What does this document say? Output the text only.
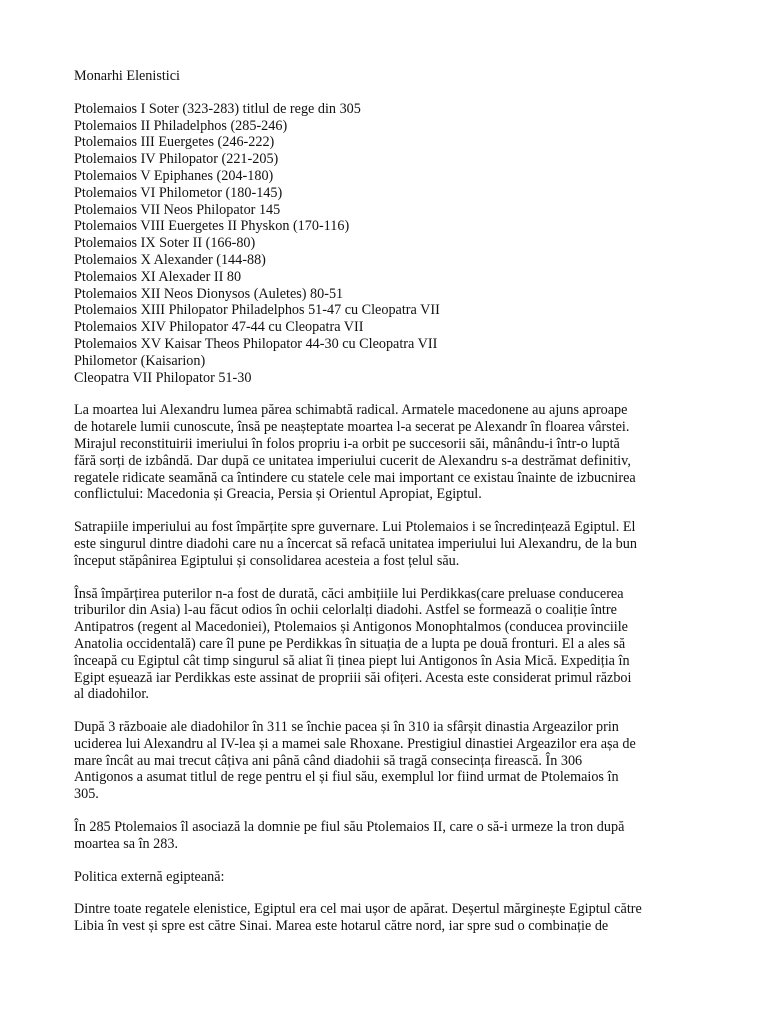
Monarhi Elenistici
Ptolemaios I Soter (323-283) titlul de rege din 305
Ptolemaios II Philadelphos (285-246)
Ptolemaios III Euergetes (246-222)
Ptolemaios IV Philopator (221-205)
Ptolemaios V Epiphanes (204-180)
Ptolemaios VI Philometor (180-145)
Ptolemaios VII Neos Philopator 145
Ptolemaios VIII Euergetes II Physkon (170-116)
Ptolemaios IX Soter II (166-80)
Ptolemaios X Alexander (144-88)
Ptolemaios XI Alexader II 80
Ptolemaios XII Neos Dionysos (Auletes) 80-51
Ptolemaios XIII Philopator Philadelphos 51-47 cu Cleopatra VII
Ptolemaios XIV Philopator 47-44 cu Cleopatra VII
Ptolemaios XV Kaisar Theos Philopator 44-30 cu Cleopatra VII
Philometor (Kaisarion)
Cleopatra VII Philopator 51-30
La moartea lui Alexandru lumea părea schimabtă radical. Armatele macedonene au ajuns aproape
de hotarele lumii cunoscute, însă pe neașteptate moartea l-a secerat pe Alexandr în floarea vârstei.
Mirajul reconstituirii imeriului în folos propriu i-a orbit pe succesorii săi, mânându-i într-o luptă
fără sorți de izbândă. Dar după ce unitatea imperiului cucerit de Alexandru s-a destrămat definitiv,
regatele ridicate seamănă ca întindere cu statele cele mai important ce existau înainte de izbucnirea
conflictului: Macedonia și Greacia, Persia și Orientul Apropiat, Egiptul.
Satrapiile imperiului au fost împărțite spre guvernare. Lui Ptolemaios i se încredințează Egiptul. El
este singurul dintre diadohi care nu a încercat să refacă unitatea imperiului lui Alexandru, de la bun
început stăpânirea Egiptului și consolidarea acesteia a fost țelul său.
Însă împărțirea puterilor n-a fost de durată, căci ambițiile lui Perdikkas(care preluase conducerea
triburilor din Asia) l-au făcut odios în ochii celorlalți diadohi. Astfel se formează o coaliție între
Antipatros (regent al Macedoniei), Ptolemaios și Antigonos Monophtalmos (conducea provinciile
Anatolia occidentală) care îl pune pe Perdikkas în situația de a lupta pe două fronturi. El a ales să
înceapă cu Egiptul cât timp singurul să aliat îi ținea piept lui Antigonos în Asia Mică. Expediția în
Egipt eșuează iar Perdikkas este assinat de propriii săi ofițeri. Acesta este considerat primul război
al diadohilor.
După 3 războaie ale diadohilor în 311 se închie pacea și în 310 ia sfârșit dinastia Argeazilor prin
uciderea lui Alexandru al IV-lea și a mamei sale Rhoxane. Prestigiul dinastiei Argeazilor era așa de
mare încât au mai trecut câțiva ani până când diadohii să tragă consecința firească. În 306
Antigonos a asumat titlul de rege pentru el și fiul său, exemplul lor fiind urmat de Ptolemaios în
305.
În 285 Ptolemaios îl asociază la domnie pe fiul său Ptolemaios II, care o să-i urmeze la tron după
moartea sa în 283.
Politica externă egipteană:
Dintre toate regatele elenistice, Egiptul era cel mai ușor de apărat. Deșertul mărginește Egiptul către
Libia în vest și spre est către Sinai. Marea este hotarul către nord, iar spre sud o combinație de
